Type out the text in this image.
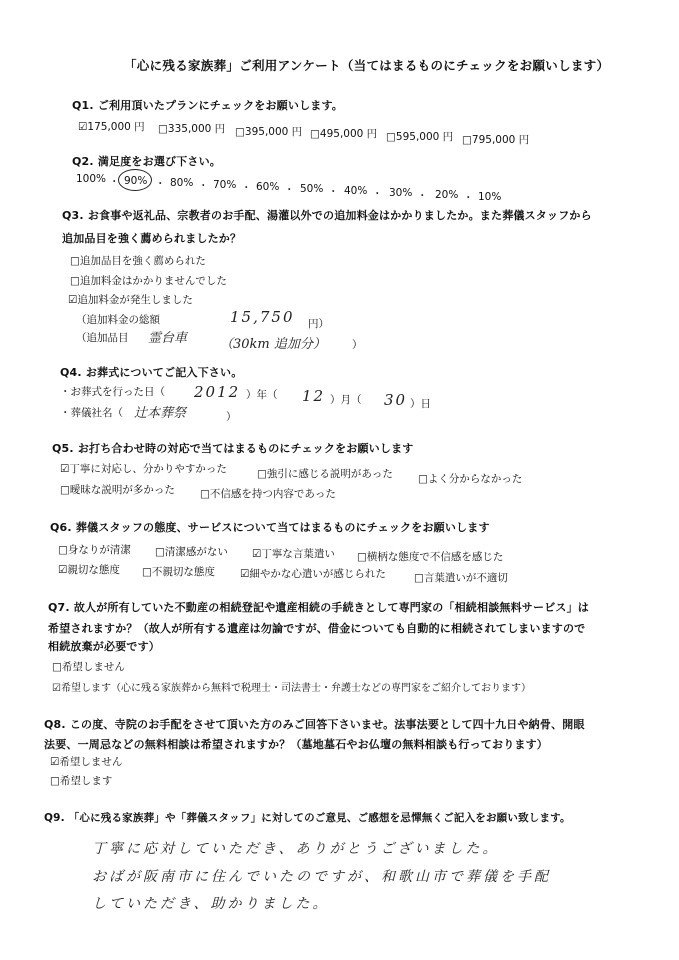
「心に残る家族葬」ご利用アンケート（当てはまるものにチェックをお願いします）
Q1. ご利用頂いたプランにチェックをお願いします。
☑175,000 円 □335,000 円 □395,000 円 □495,000 円 □595,000 円 □795,000 円
Q2. 満足度をお選び下さい。
100% ・ 90% ・ 80% ・ 70% ・ 60% ・ 50% ・ 40% ・ 30% ・ 20% ・ 10%
Q3. お食事や返礼品、宗教者のお手配、湯灌以外での追加料金はかかりましたか。また葬儀スタッフから
追加品目を強く薦められましたか？
□追加品目を強く薦められた
□追加料金はかかりませんでした
☑追加料金が発生しました
（追加料金の総額	15,750 円）
（追加品目 霊台車	（30km 追加分） ）
Q4. お葬式についてご記入下さい。
・お葬式を行った日（ 2012 ）年（ 12 ）月（ 30 ）日
・葬儀社名（ 辻本葬祭	）
Q5. お打ち合わせ時の対応で当てはまるものにチェックをお願いします
☑丁寧に対応し、分かりやすかった	□強引に感じる説明があった □よく分からなかった
□曖昧な説明が多かった □不信感を持つ内容であった
Q6. 葬儀スタッフの態度、サービスについて当てはまるものにチェックをお願いします
□身なりが清潔 □清潔感がない ☑丁寧な言葉遣い □横柄な態度で不信感を感じた
☑親切な態度 □不親切な態度 ☑細やかな心遣いが感じられた	□言葉遣いが不適切
Q7. 故人が所有していた不動産の相続登記や遺産相続の手続きとして専門家の「相続相談無料サービス」は
希望されますか？（故人が所有する遺産は勿論ですが、借金についても自動的に相続されてしまいますので
相続放棄が必要です）
□希望しません
☑希望します（心に残る家族葬から無料で税理士・司法書士・弁護士などの専門家をご紹介しております）
Q8. この度、寺院のお手配をさせて頂いた方のみご回答下さいませ。法事法要として四十九日や納骨、開眼
法要、一周忌などの無料相談は希望されますか？（墓地墓石やお仏壇の無料相談も行っております）
☑希望しません
□希望します
Q9. 「心に残る家族葬」や「葬儀スタッフ」に対してのご意見、ご感想を忌憚無くご記入をお願い致します。
丁寧に応対していただき、ありがとうございました。
おばが阪南市に住んでいたのですが、和歌山市で葬儀を手配
していただき、助かりました。
